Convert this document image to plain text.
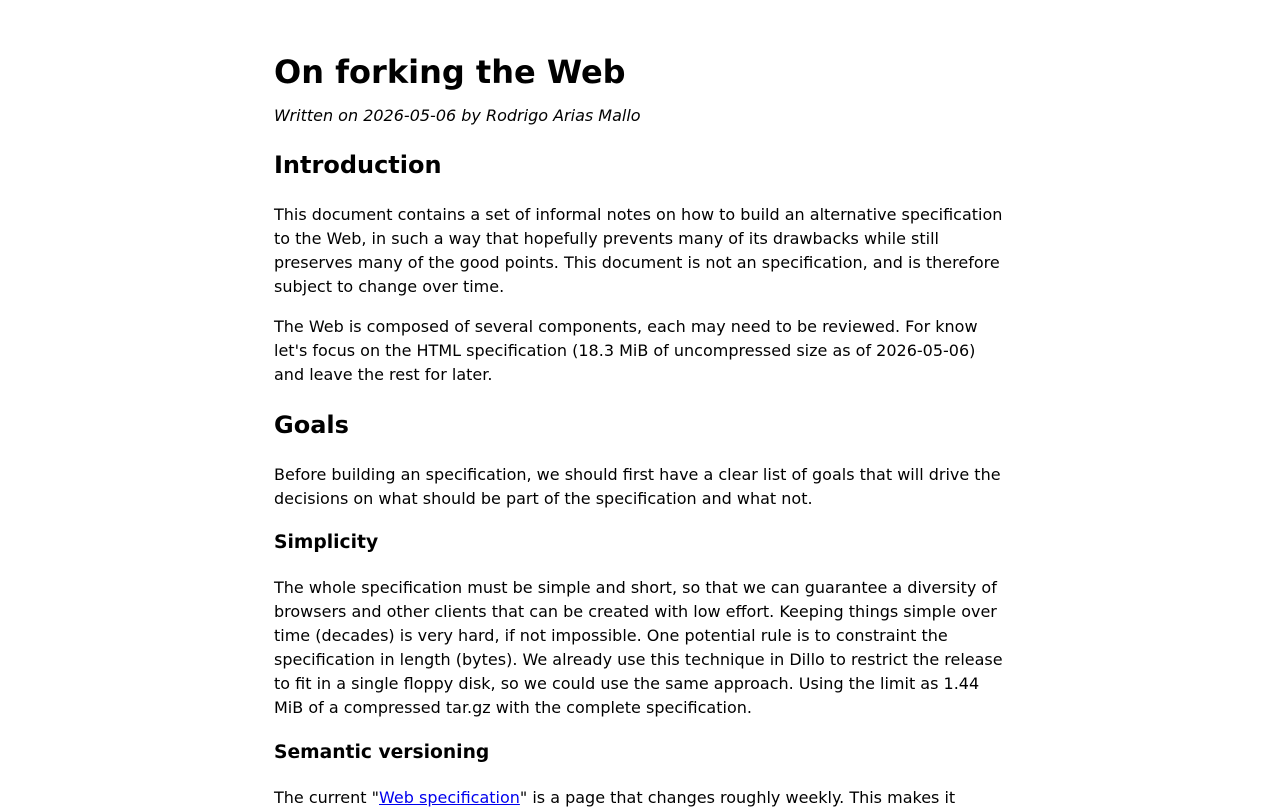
On forking the Web

Written on 2026-05-06 by Rodrigo Arias Mallo

Introduction

This document contains a set of informal notes on how to build an alternative specification
to the Web, in such a way that hopefully prevents many of its drawbacks while still
preserves many of the good points. This document is not an specification, and is therefore
subject to change over time.

The Web is composed of several components, each may need to be reviewed. For know
let's focus on the HTML specification (18.3 MiB of uncompressed size as of 2026-05-06)
and leave the rest for later.

Goals

Before building an specification, we should first have a clear list of goals that will drive the
decisions on what should be part of the specification and what not.

Simplicity

The whole specification must be simple and short, so that we can guarantee a diversity of
browsers and other clients that can be created with low effort. Keeping things simple over
time (decades) is very hard, if not impossible. One potential rule is to constraint the
specification in length (bytes). We already use this technique in Dillo to restrict the release
to fit in a single floppy disk, so we could use the same approach. Using the limit as 1.44
MiB of a compressed tar.gz with the complete specification.

Semantic versioning

The current "Web specification" is a page that changes roughly weekly. This makes it
